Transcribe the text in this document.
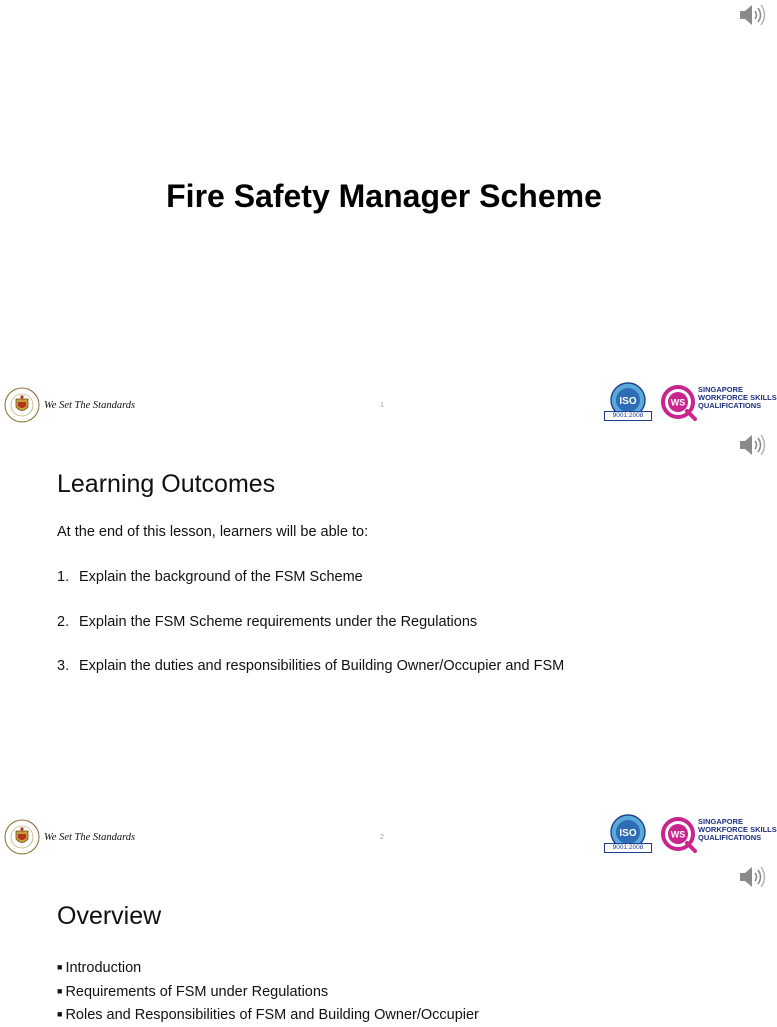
Fire Safety Manager Scheme
We Set The Standards	1	ISO
9001:2008
WS
SINGAPORE
WORKFORCE SKILLS
QUALIFICATIONS
Learning Outcomes
At the end of this lesson, learners will be able to:
1. Explain the background of the FSM Scheme
2. Explain the FSM Scheme requirements under the Regulations
3. Explain the duties and responsibilities of Building Owner/Occupier and FSM
We Set The Standards	2	ISO
9001:2008
WS
SINGAPORE
WORKFORCE SKILLS
QUALIFICATIONS
Overview
■ Introduction
■ Requirements of FSM under Regulations
■ Roles and Responsibilities of FSM and Building Owner/Occupier
